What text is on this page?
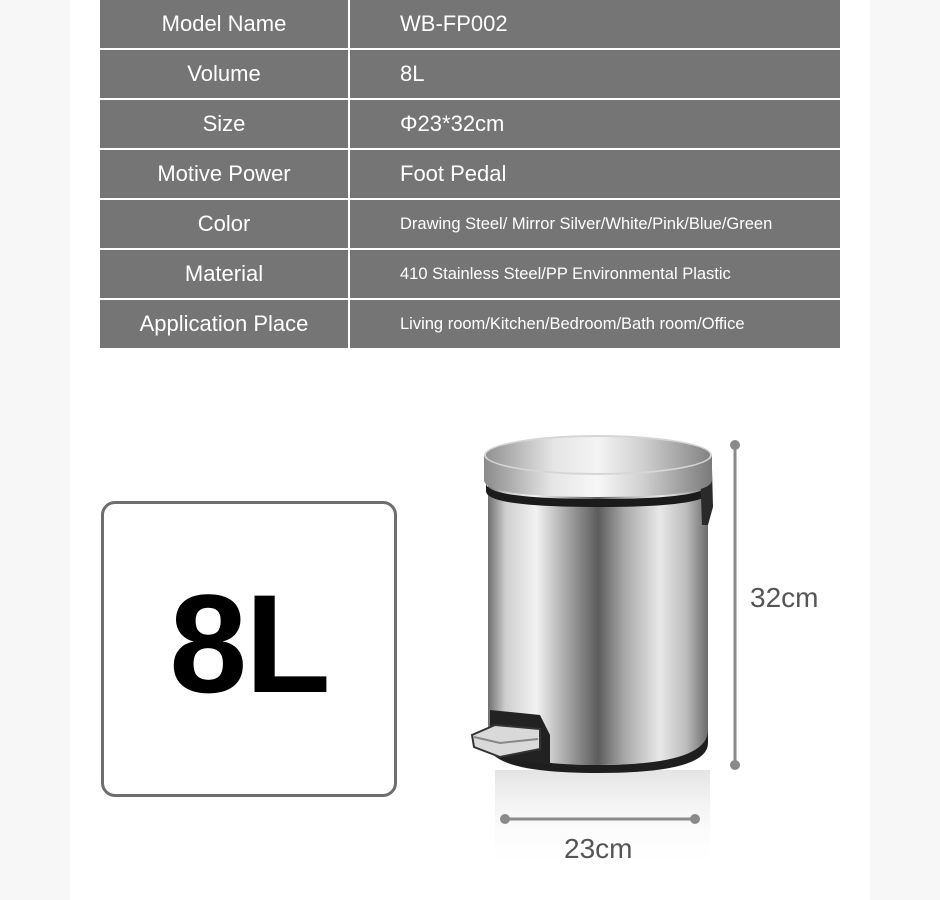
Model Name	WB-FP002
Volume	8L
Size	Φ23*32cm
Motive Power	Foot Pedal
Color	Drawing Steel/ Mirror Silver/White/Pink/Blue/Green
Material	410 Stainless Steel/PP Environmental Plastic
Application Place	Living room/Kitchen/Bedroom/Bath room/Office
8L	32cm
23cm
